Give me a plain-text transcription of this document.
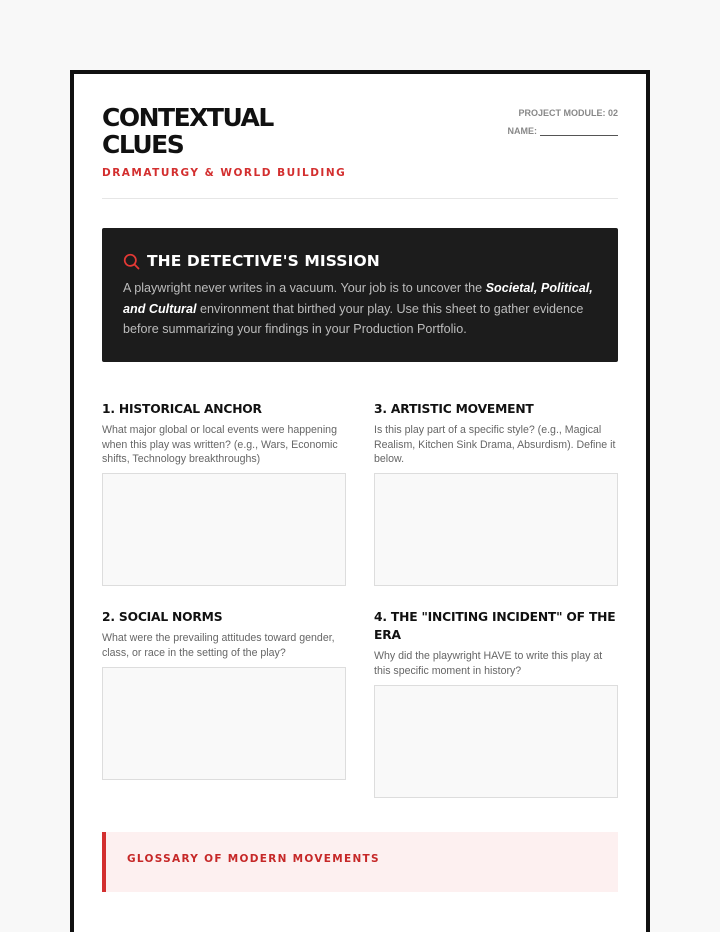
CONTEXTUAL CLUES
DRAMATURGY & WORLD BUILDING
PROJECT MODULE: 02
NAME:
THE DETECTIVE'S MISSION

A playwright never writes in a vacuum. Your job is to uncover the Societal, Political, and Cultural environment that birthed your play. Use this sheet to gather evidence before summarizing your findings in your Production Portfolio.

1. HISTORICAL ANCHOR

What major global or local events were happening when this play was written? (e.g., Wars, Economic shifts, Technology breakthroughs)

3. ARTISTIC MOVEMENT

Is this play part of a specific style? (e.g., Magical Realism, Kitchen Sink Drama, Absurdism). Define it below.

2. SOCIAL NORMS

What were the prevailing attitudes toward gender, class, or race in the setting of the play?

4. THE "INCITING INCIDENT" OF THE ERA

Why did the playwright HAVE to write this play at this specific moment in history?

GLOSSARY OF MODERN MOVEMENTS
